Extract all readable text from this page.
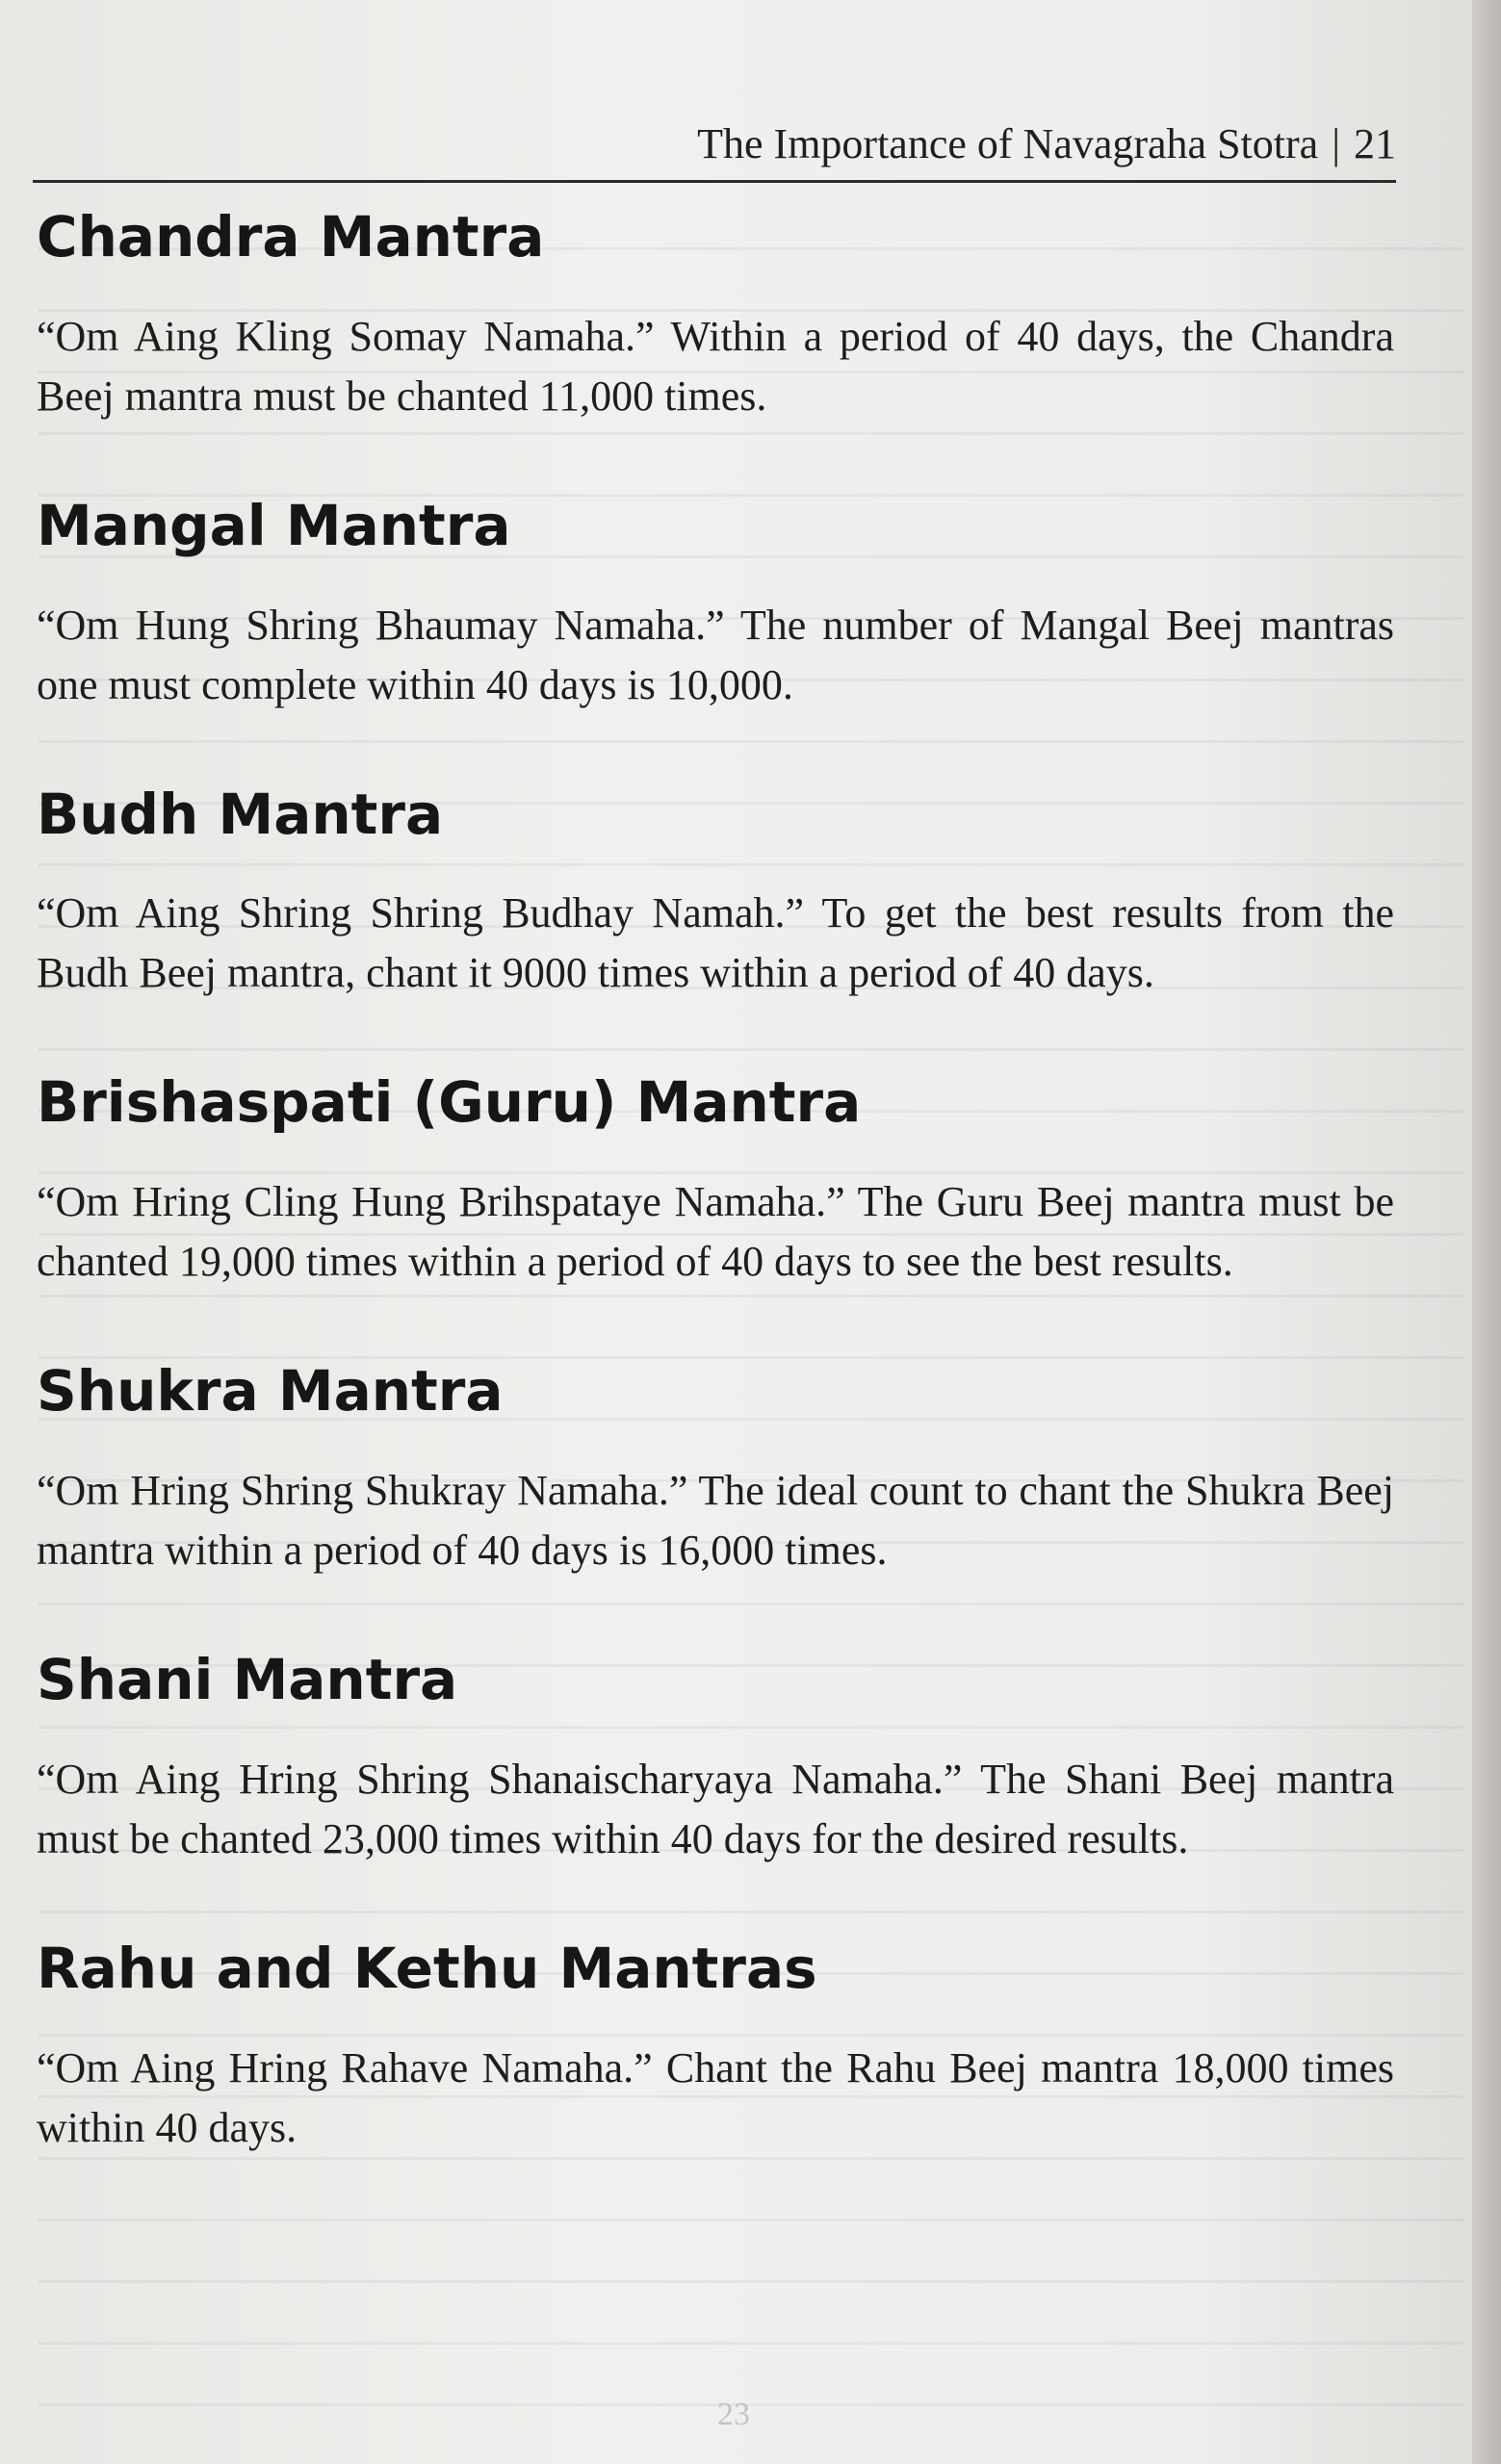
The Importance of Navagraha Stotra | 21
Chandra Mantra

“Om Aing Kling Somay Namaha.” Within a period of 40 days, the Chandra Beej mantra must be chanted 11,000 times.

Mangal Mantra

“Om Hung Shring Bhaumay Namaha.” The number of Mangal Beej mantras one must complete within 40 days is 10,000.

Budh Mantra

“Om Aing Shring Shring Budhay Namah.” To get the best results from the Budh Beej mantra, chant it 9000 times within a period of 40 days.

Brishaspati (Guru) Mantra

“Om Hring Cling Hung Brihspataye Namaha.” The Guru Beej mantra must be chanted 19,000 times within a period of 40 days to see the best results.

Shukra Mantra

“Om Hring Shring Shukray Namaha.” The ideal count to chant the Shukra Beej mantra within a period of 40 days is 16,000 times.

Shani Mantra

“Om Aing Hring Shring Shanaischaryaya Namaha.” The Shani Beej mantra must be chanted 23,000 times within 40 days for the desired results.

Rahu and Kethu Mantras

“Om Aing Hring Rahave Namaha.” Chant the Rahu Beej mantra 18,000 times within 40 days.

23
